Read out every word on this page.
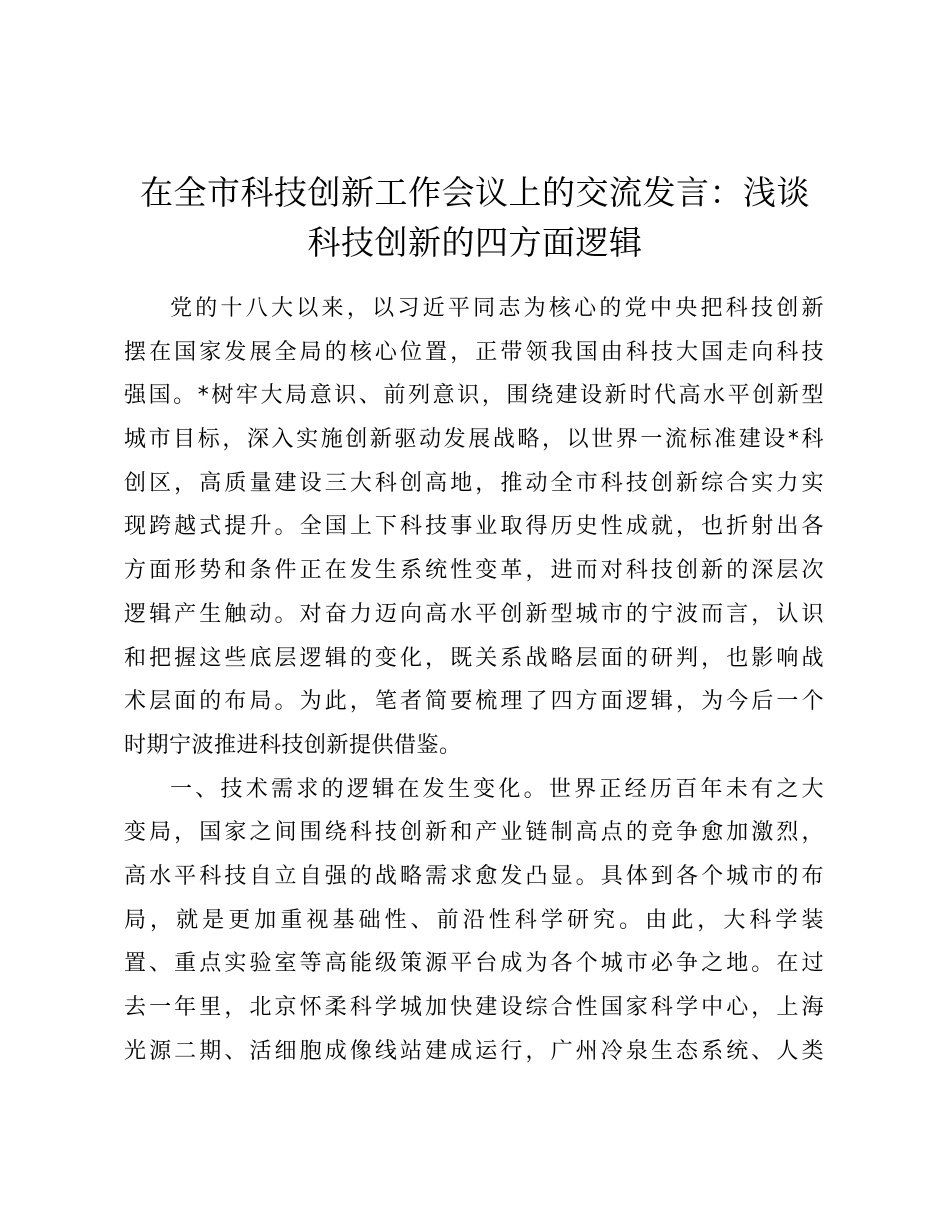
在全市科技创新工作会议上的交流发言：浅谈
科技创新的四方面逻辑
党的十八大以来，以习近平同志为核心的党中央把科技创新
摆在国家发展全局的核心位置，正带领我国由科技大国走向科技
强国。*树牢大局意识、前列意识，围绕建设新时代高水平创新型
城市目标，深入实施创新驱动发展战略，以世界一流标准建设*科
创区，高质量建设三大科创高地，推动全市科技创新综合实力实
现跨越式提升。全国上下科技事业取得历史性成就，也折射出各
方面形势和条件正在发生系统性变革，进而对科技创新的深层次
逻辑产生触动。对奋力迈向高水平创新型城市的宁波而言，认识
和把握这些底层逻辑的变化，既关系战略层面的研判，也影响战
术层面的布局。为此，笔者简要梳理了四方面逻辑，为今后一个
时期宁波推进科技创新提供借鉴。
一、技术需求的逻辑在发生变化。世界正经历百年未有之大
变局，国家之间围绕科技创新和产业链制高点的竞争愈加激烈，
高水平科技自立自强的战略需求愈发凸显。具体到各个城市的布
局，就是更加重视基础性、前沿性科学研究。由此，大科学装
置、重点实验室等高能级策源平台成为各个城市必争之地。在过
去一年里，北京怀柔科学城加快建设综合性国家科学中心，上海
光源二期、活细胞成像线站建成运行，广州冷泉生态系统、人类
